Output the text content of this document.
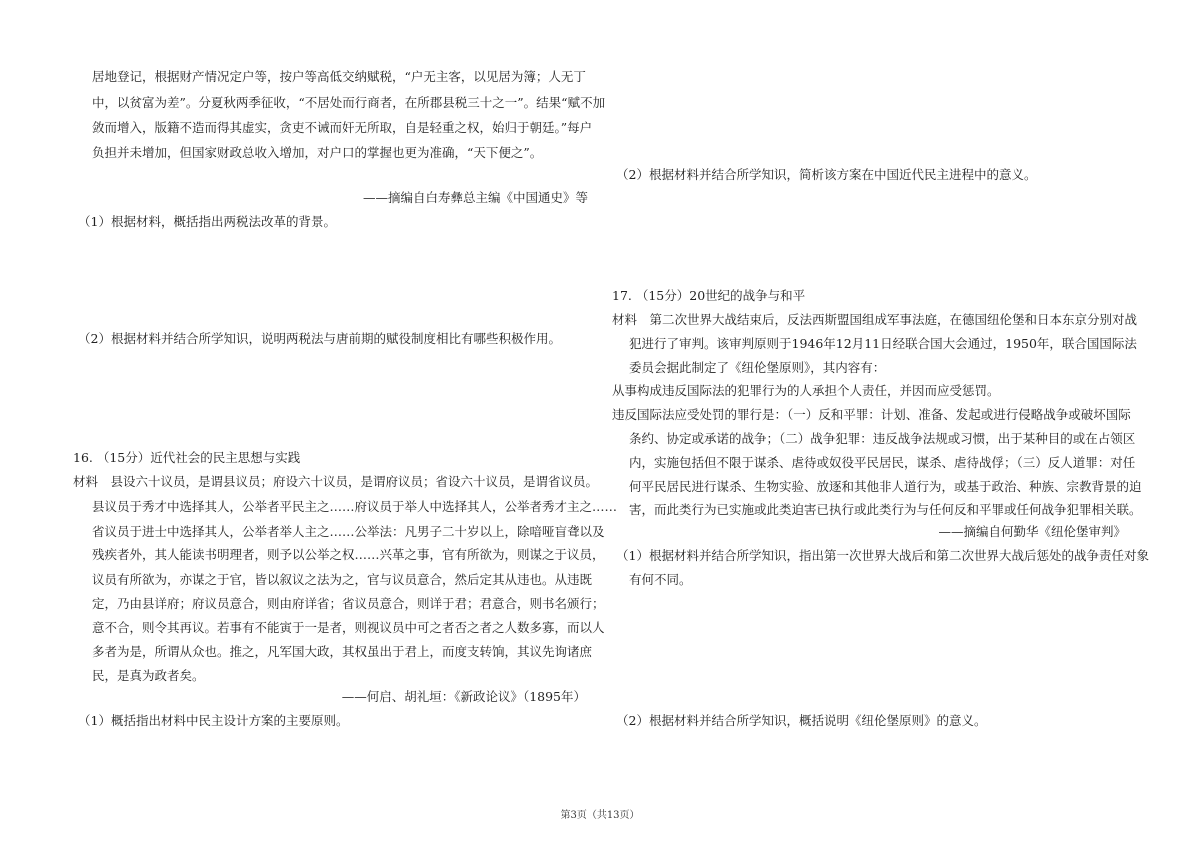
居地登记，根据财产情况定户等，按户等高低交纳赋税，“户无主客，以见居为簿；人无丁
中，以贫富为差”。分夏秋两季征收，“不居处而行商者，在所郡县税三十之一”。结果“赋不加
敛而增入，版籍不造而得其虚实，贪吏不诫而奸无所取，自是轻重之权，始归于朝廷。”每户
负担并未增加，但国家财政总收入增加，对户口的掌握也更为准确，“天下便之”。
——摘编自白寿彝总主编《中国通史》等
（1）根据材料，概括指出两税法改革的背景。
（2）根据材料并结合所学知识，说明两税法与唐前期的赋役制度相比有哪些积极作用。
16. （15分）近代社会的民主思想与实践
材料　县设六十议员，是谓县议员；府设六十议员，是谓府议员；省设六十议员，是谓省议员。
县议员于秀才中选择其人，公举者平民主之……府议员于举人中选择其人，公举者秀才主之……
省议员于进士中选择其人，公举者举人主之……公举法：凡男子二十岁以上，除喑哑盲聋以及
残疾者外，其人能读书明理者，则予以公举之权……兴革之事，官有所欲为，则谋之于议员，
议员有所欲为，亦谋之于官，皆以叙议之法为之，官与议员意合，然后定其从违也。从违既
定，乃由县详府；府议员意合，则由府详省；省议员意合，则详于君；君意合，则书名颁行；
意不合，则令其再议。若事有不能寅于一是者，则视议员中可之者否之者之人数多寡，而以人
多者为是，所谓从众也。推之，凡军国大政，其权虽出于君上，而度支转饷，其议先询诸庶
民，是真为政者矣。
——何启、胡礼垣：《新政论议》（1895年）
（1）概括指出材料中民主设计方案的主要原则。
（2）根据材料并结合所学知识，简析该方案在中国近代民主进程中的意义。
17. （15分）20世纪的战争与和平
材料　第二次世界大战结束后，反法西斯盟国组成军事法庭，在德国纽伦堡和日本东京分别对战
犯进行了审判。该审判原则于1946年12月11日经联合国大会通过，1950年，联合国国际法
委员会据此制定了《纽伦堡原则》，其内容有：
从事构成违反国际法的犯罪行为的人承担个人责任，并因而应受惩罚。
违反国际法应受处罚的罪行是：（一）反和平罪：计划、准备、发起或进行侵略战争或破坏国际
条约、协定或承诺的战争；（二）战争犯罪：违反战争法规或习惯，出于某种目的或在占领区
内，实施包括但不限于谋杀、虐待或奴役平民居民，谋杀、虐待战俘；（三）反人道罪：对任
何平民居民进行谋杀、生物实验、放逐和其他非人道行为，或基于政治、种族、宗教背景的迫
害，而此类行为已实施或此类迫害已执行或此类行为与任何反和平罪或任何战争犯罪相关联。
——摘编自何勤华《纽伦堡审判》
（1）根据材料并结合所学知识，指出第一次世界大战后和第二次世界大战后惩处的战争责任对象
有何不同。
（2）根据材料并结合所学知识，概括说明《纽伦堡原则》的意义。
第3页（共13页）
